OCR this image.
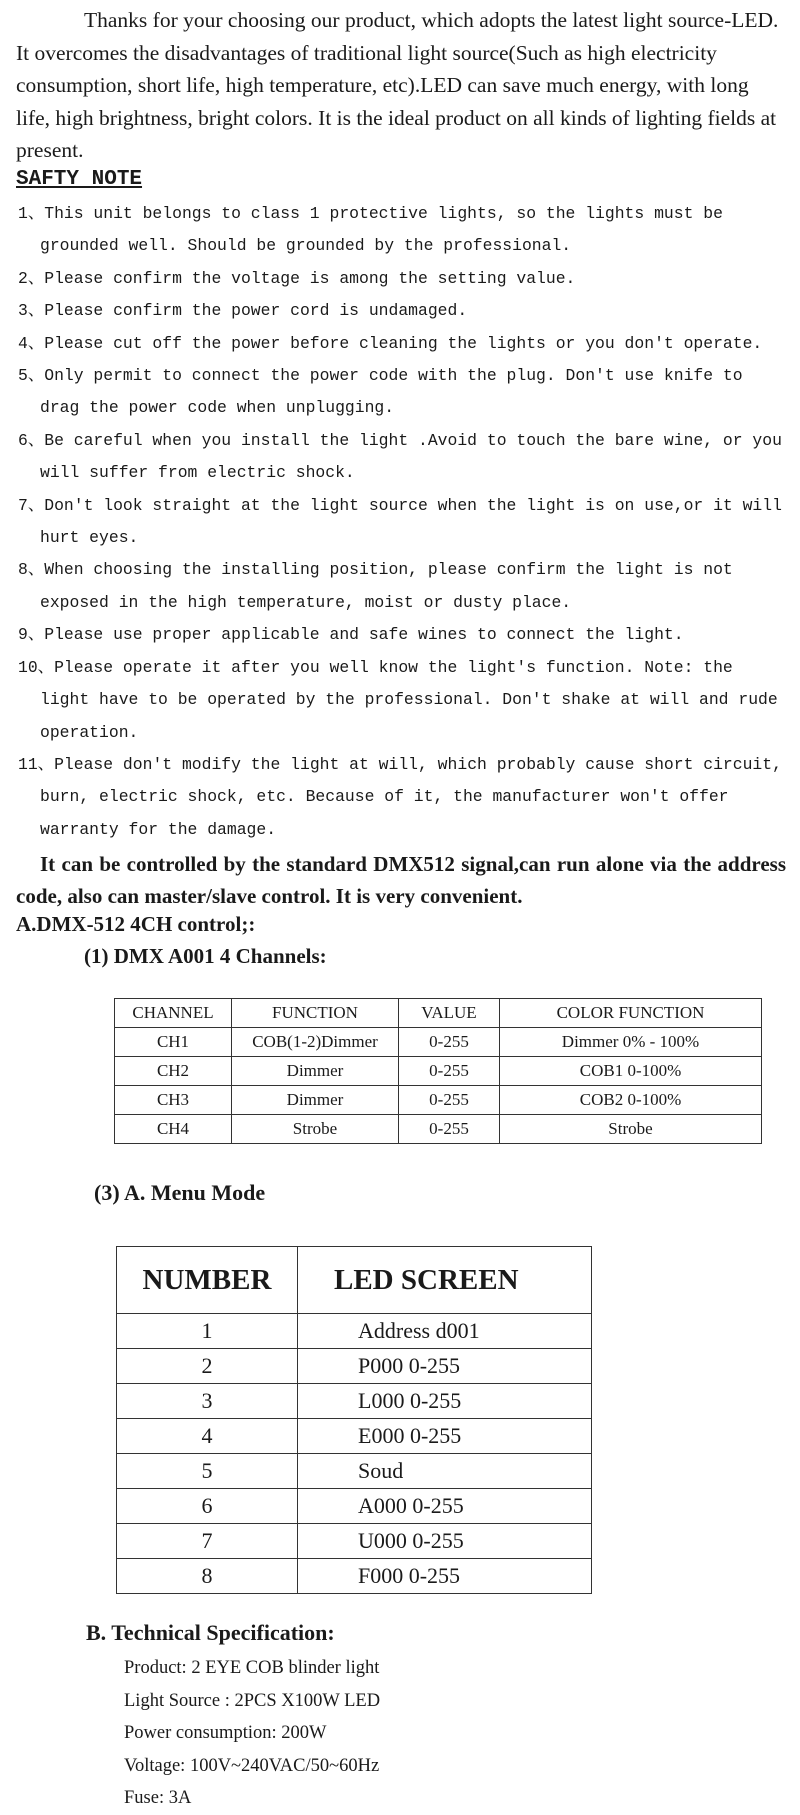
Thanks for your choosing our product, which adopts the latest light source-LED. It overcomes the disadvantages of traditional light source(Such as high electricity consumption, short life, high temperature, etc).LED can save much energy, with long life, high brightness, bright colors. It is the ideal product on all kinds of lighting fields at present.

SAFTY NOTE
1、This unit belongs to class 1 protective lights, so the lights must be grounded well. Should be grounded by the professional.
2、Please confirm the voltage is among the setting value.
3、Please confirm the power cord is undamaged.
4、Please cut off the power before cleaning the lights or you don't operate.
5、Only permit to connect the power code with the plug. Don't use knife to drag the power code when unplugging.
6、Be careful when you install the light .Avoid to touch the bare wine, or you will suffer from electric shock.
7、Don't look straight at the light source when the light is on use,or it will hurt eyes.
8、When choosing the installing position, please confirm the light is not exposed in the high temperature, moist or dusty place.
9、Please use proper applicable and safe wines to connect the light.
10、Please operate it after you well know the light's function. Note: the light have to be operated by the professional. Don't shake at will and rude operation.
11、Please don't modify the light at will, which probably cause short circuit, burn, electric shock, etc. Because of it, the manufacturer won't offer warranty for the damage.

It can be controlled by the standard DMX512 signal,can run alone via the address code, also can master/slave control. It is very convenient.

A.DMX-512 4CH control;:

(1) DMX A001 4 Channels:

CHANNEL	FUNCTION	VALUE	COLOR FUNCTION
CH1	COB(1-2)Dimmer	0-255	Dimmer 0% - 100%
CH2	Dimmer	0-255	COB1 0-100%
CH3	Dimmer	0-255	COB2 0-100%
CH4	Strobe	0-255	Strobe

(3) A. Menu Mode

NUMBER	LED SCREEN
1	Address d001
2	P000 0-255
3	L000 0-255
4	E000 0-255
5	Soud
6	A000 0-255
7	U000 0-255
8	F000 0-255

B. Technical Specification:

Product: 2 EYE COB blinder light
Light Source : 2PCS X100W LED
Power consumption: 200W
Voltage: 100V~240VAC/50~60Hz
Fuse: 3A
